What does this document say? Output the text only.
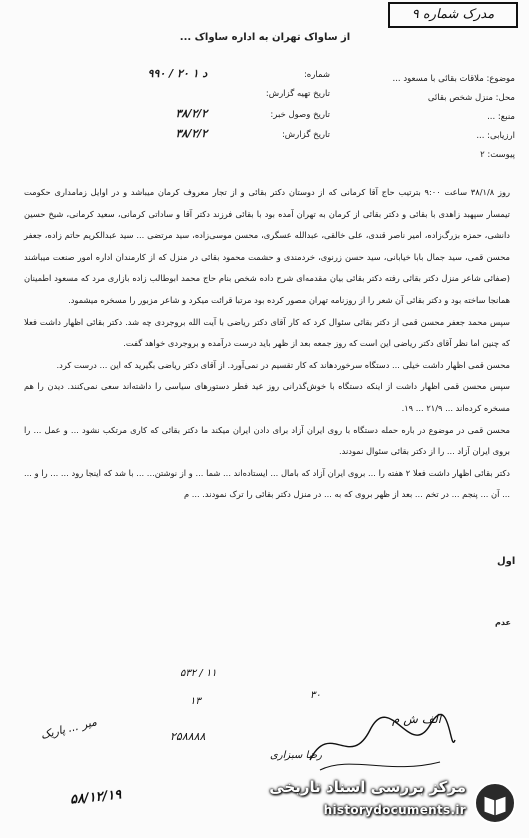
مدرک شماره ۹
از ساواک تهران به اداره ساواک ...
شماره: ۹۹۰ / ۲۰ د ۱
تاریخ تهیه گزارش:
تاریخ وصول خبر: ۳۸/۲/۲
تاریخ گزارش: ۳۸/۲/۲
موضوع: ملاقات بقائی با مسعود ...
محل: منزل شخص بقائی
منبع: ...
ارزیابی: ...
پیوست: ۲

روز ۳۸/۱/۸ ساعت ۹:۰۰ بترتیب حاج آقا کرمانی که از دوستان دکتر بقائی و از تجار معروف کرمان میباشد و در اوایل زمامداری حکومت تیمسار سپهبد زاهدی با بقائی و دکتر بقائی از کرمان به تهران آمده بود با بقائی فرزند دکتر آقا و ساداتی کرمانی، سعید کرمانی، شیخ حسین دانشی، حمزه بزرگ‌زاده، امیر ناصر قندی، علی خالقی، عبدالله عسگری، محسن موسی‌زاده، سید مرتضی ... سید عبدالکریم حاتم زاده، جعفر محسن قمی، سید جمال بابا خیابانی، سید حسن زرنوی، خردمندی و حشمت محمود بقائی در منزل که از کارمندان اداره امور صنعت میباشند (صفائی شاعر منزل دکتر بقائی رفته دکتر بقائی بیان مقدمه‌ای شرح داده شخص بنام حاج محمد ابوطالب زاده بازاری مرد که مسعود اطمینان همانجا ساخته بود و دکتر بقائی آن شعر را از روزنامه تهران مصور کرده بود مرتبا قرائت میکرد و شاعر مزبور را مسخره میشمود.

سپس محمد جعفر محسن قمی از دکتر بقائی سئوال کرد که کار آقای دکتر ریاضی با آیت الله بروجردی چه شد. دکتر بقائی اظهار داشت فعلا که چنین اما نظر آقای دکتر ریاضی این است که روز جمعه بعد از ظهر باید درست درآمده و بروجردی خواهد گفت.

محسن قمی اظهار داشت خیلی ... دستگاه سرخوردهاند که کار تقسیم در نمی‌آورد. از آقای دکتر ریاضی بگیرید که این ... درست کرد.

سپس محسن قمی اظهار داشت از اینکه دستگاه با خوش‌گذرانی روز عید فطر دستورهای سیاسی را داشته‌اند سعی نمی‌کنند. دیدن را هم مسخره کرده‌اند ... ۲۱/۹ ... ۱۹.

محسن قمی در موضوع در باره حمله دستگاه با روی ایران آزاد برای دادن ایران میکند ما دکتر بقائی که کاری مرتکب نشود ... و عمل ... را بروی ایران آزاد ... را از دکتر بقائی سئوال نمودند.

دکتر بقائی اظهار داشت فعلا ۲ هفته را ... بروی ایران آزاد که بامال ... ایستاده‌اند ... شما ... و از نوشتن... ... با شد که اینجا رود ... ... را و ... ... آن ... پنجم ... در تخم ... بعد از ظهر بروی که به ... در منزل دکتر بقائی را ترک نمودند. ... م

اول
عدم
۵۳۲ / ۱۱
۳۰
الف ش م
۲۵۸۸۸۸
میر ... پاریک
رضا سبزاری
۵۸/۱۲/۱۹
۱۳
مرکز بررسی اسناد تاریخی
historydocuments.ir
